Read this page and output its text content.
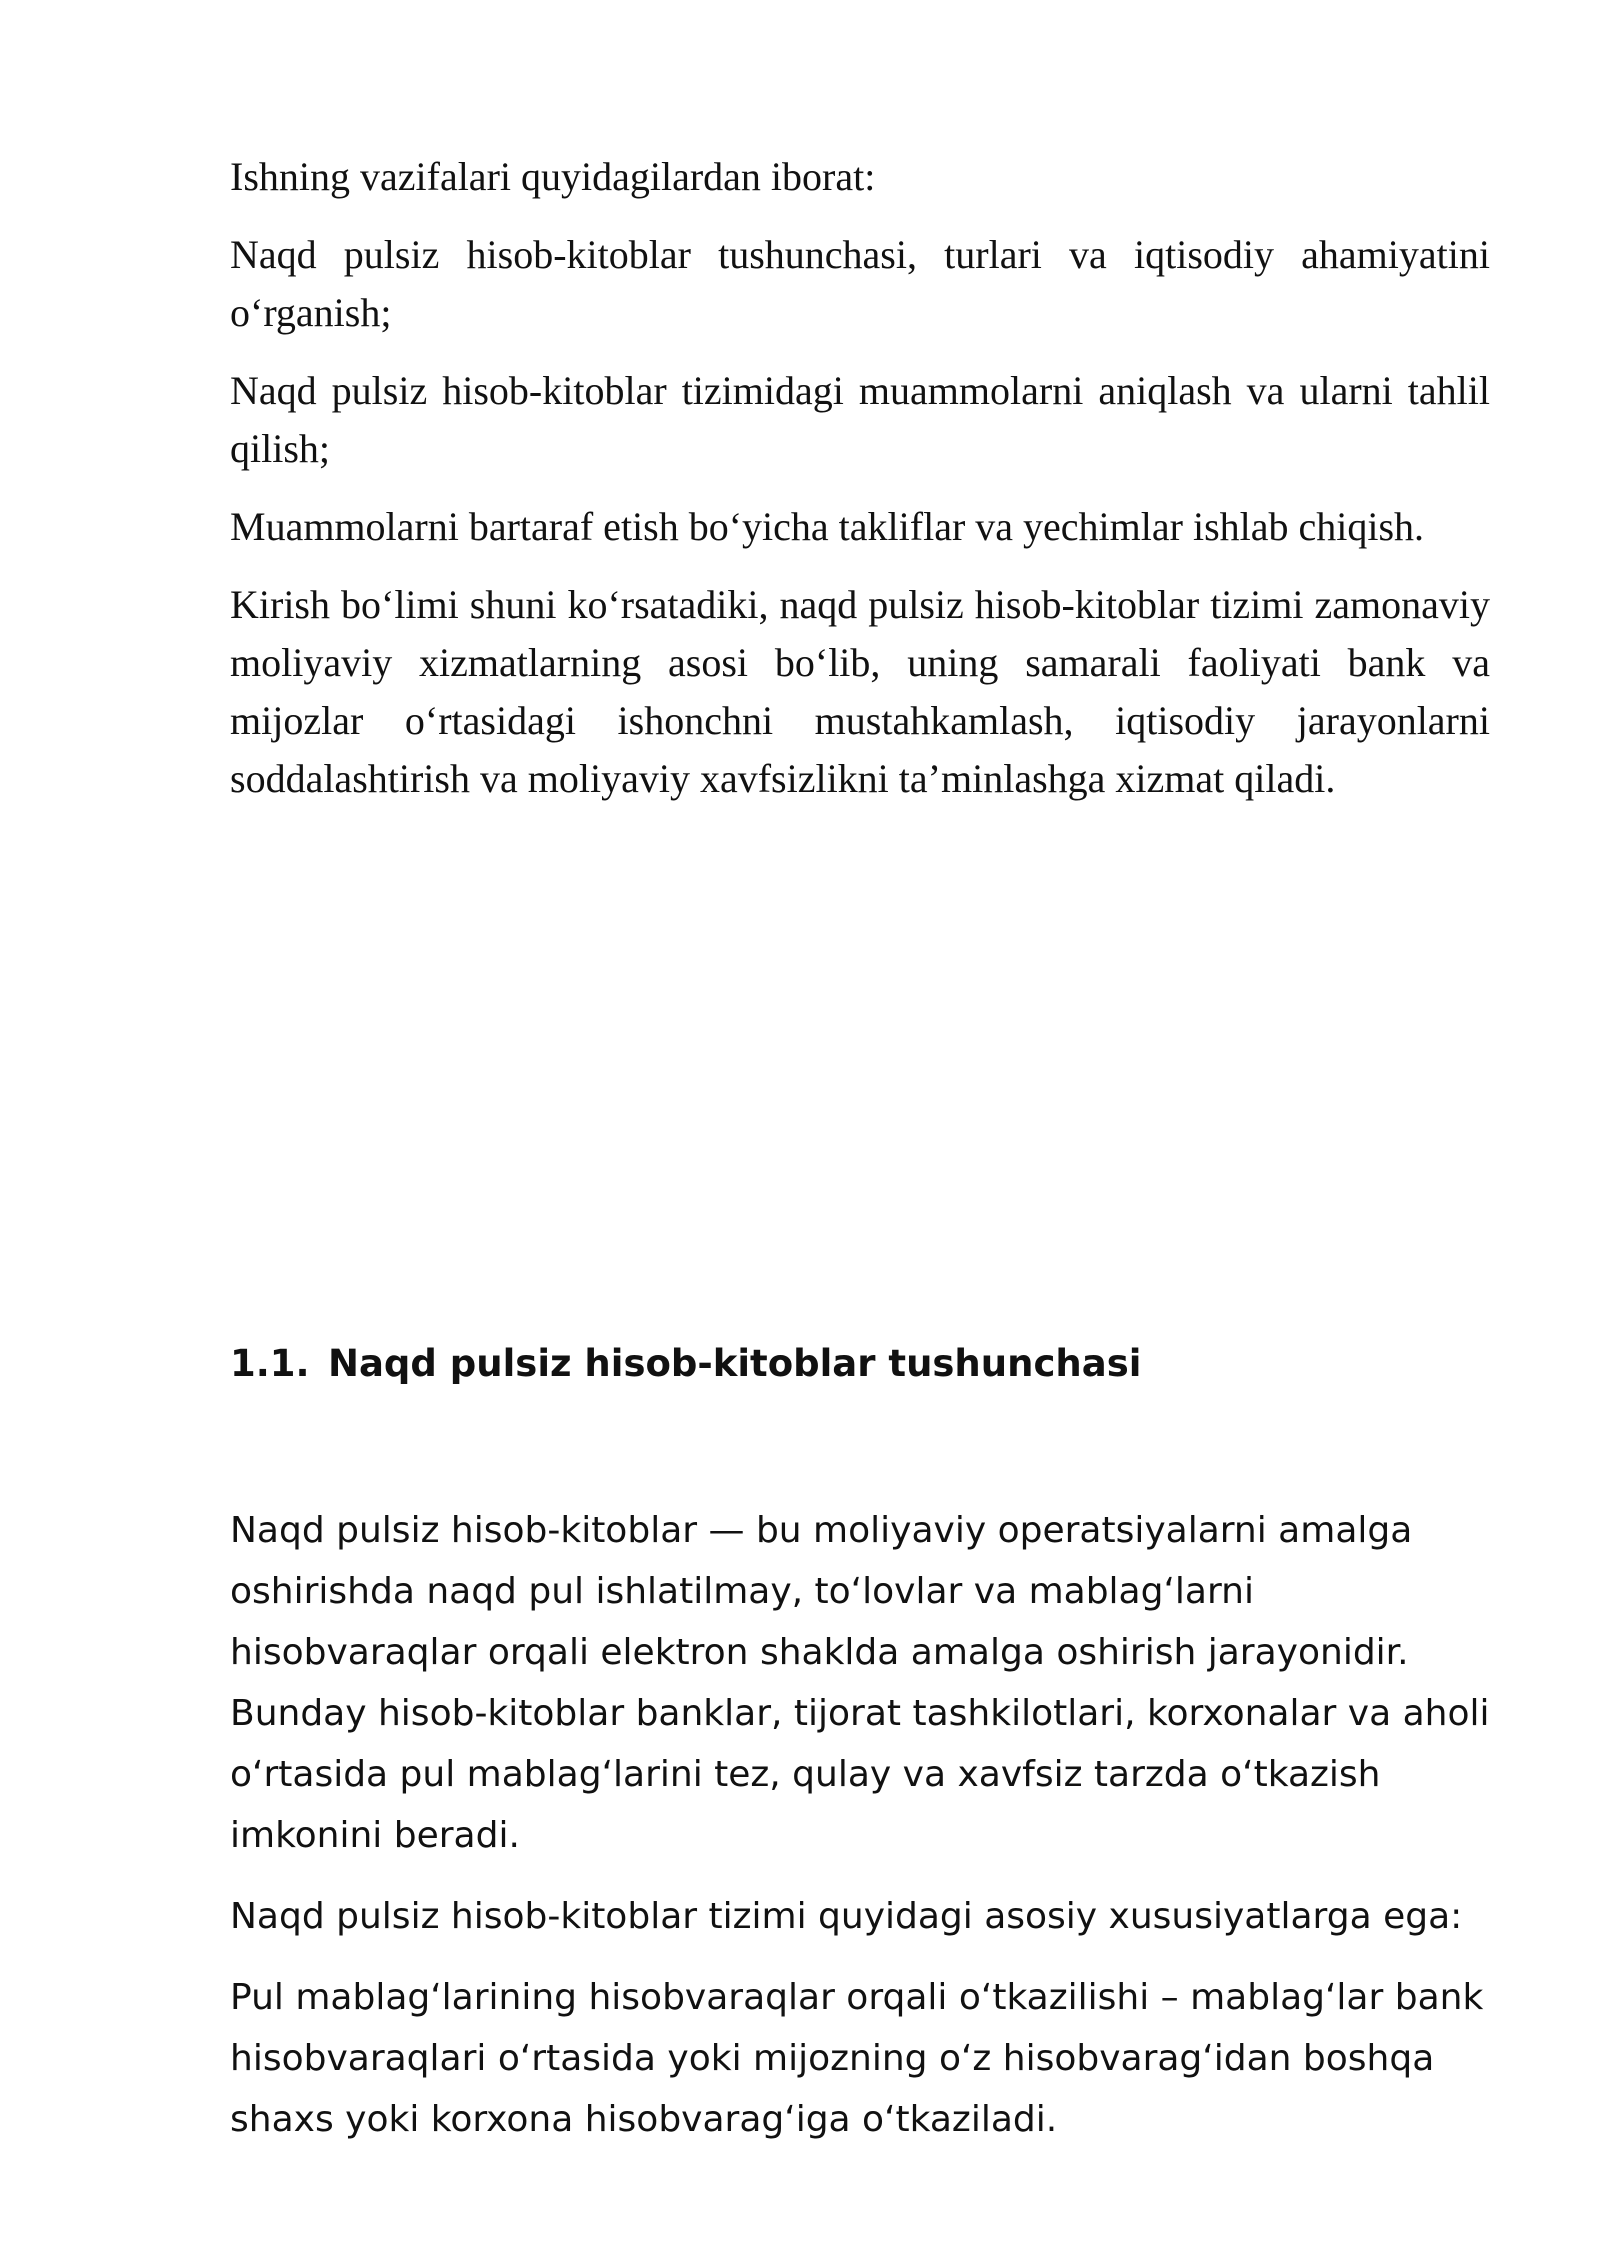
Ishning vazifalari quyidagilardan iborat:

Naqd pulsiz hisob-kitoblar tushunchasi, turlari va iqtisodiy ahamiyatini o‘rganish;

Naqd pulsiz hisob-kitoblar tizimidagi muammolarni aniqlash va ularni tahlil qilish;

Muammolarni bartaraf etish bo‘yicha takliflar va yechimlar ishlab chiqish.

Kirish bo‘limi shuni ko‘rsatadiki, naqd pulsiz hisob-kitoblar tizimi zamonaviy moliyaviy xizmatlarning asosi bo‘lib, uning samarali faoliyati bank va mijozlar o‘rtasidagi ishonchni mustahkamlash, iqtisodiy jarayonlarni soddalashtirish va moliyaviy xavfsizlikni ta’minlashga xizmat qiladi.

1.1. Naqd pulsiz hisob-kitoblar tushunchasi

Naqd pulsiz hisob-kitoblar — bu moliyaviy operatsiyalarni amalga oshirishda naqd pul ishlatilmay, to‘lovlar va mablag‘larni hisobvaraqlar orqali elektron shaklda amalga oshirish jarayonidir. Bunday hisob-kitoblar banklar, tijorat tashkilotlari, korxonalar va aholi o‘rtasida pul mablag‘larini tez, qulay va xavfsiz tarzda o‘tkazish imkonini beradi.

Naqd pulsiz hisob-kitoblar tizimi quyidagi asosiy xususiyatlarga ega:

Pul mablag‘larining hisobvaraqlar orqali o‘tkazilishi – mablag‘lar bank hisobvaraqlari o‘rtasida yoki mijozning o‘z hisobvarag‘idan boshqa shaxs yoki korxona hisobvarag‘iga o‘tkaziladi.
